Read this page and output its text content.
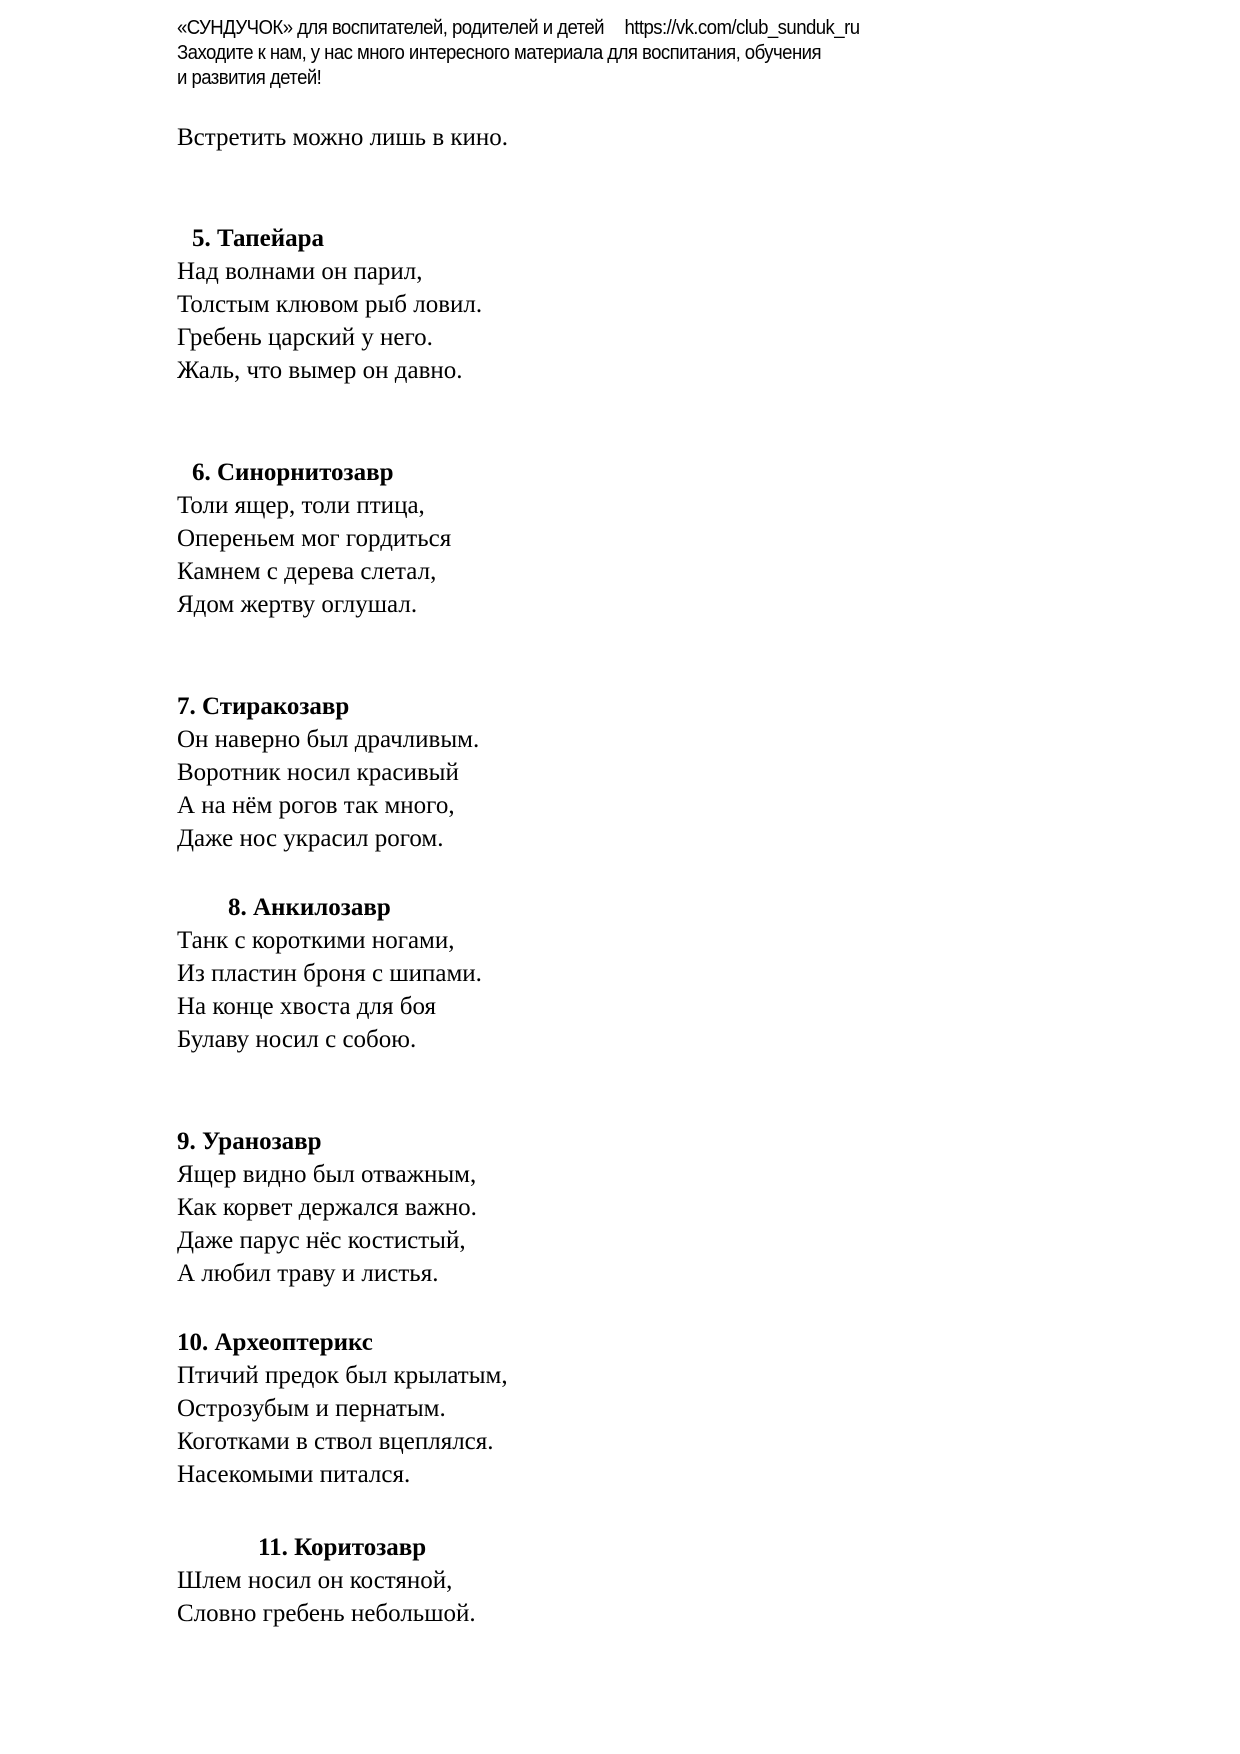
«СУНДУЧОК» для воспитателей, родителей и детей https://vk.com/club_sunduk_ru
Заходите к нам, у нас много интересного материала для воспитания, обучения
и развития детей!
Встретить можно лишь в кино.
5. Тапейара
Над волнами он парил,
Толстым клювом рыб ловил.
Гребень царский у него.
Жаль, что вымер он давно.
6. Синорнитозавр
Толи ящер, толи птица,
Опереньем мог гордиться
Камнем с дерева слетал,
Ядом жертву оглушал.
7. Стиракозавр
Он наверно был драчливым.
Воротник носил красивый
А на нём рогов так много,
Даже нос украсил рогом.
8. Анкилозавр
Танк с короткими ногами,
Из пластин броня с шипами.
На конце хвоста для боя
Булаву носил с собою.
9. Уранозавр
Ящер видно был отважным,
Как корвет держался важно.
Даже парус нёс костистый,
А любил траву и листья.
10. Археоптерикс
Птичий предок был крылатым,
Острозубым и пернатым.
Коготками в ствол вцеплялся.
Насекомыми питался.
11. Коритозавр
Шлем носил он костяной,
Словно гребень небольшой.
